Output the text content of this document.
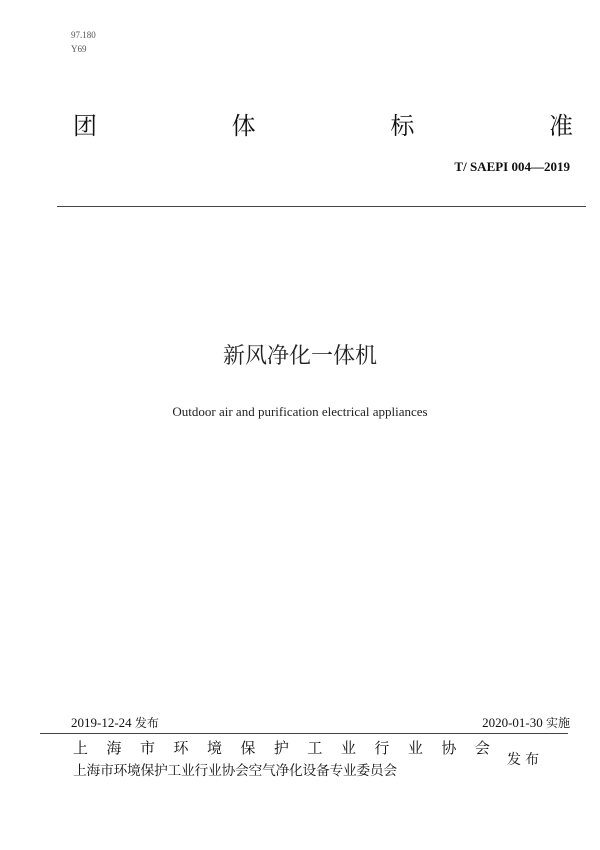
97.180
Y69
团	体	标	准
T/ SAEPI 004—2019
新风净化一体机
Outdoor air and purification electrical appliances
2019-12-24 发布	2020-01-30 实施
上 海 市 环 境 保 护 工 业 行 业 协 会
上海市环境保护工业行业协会空气净化设备专业委员会
发布
